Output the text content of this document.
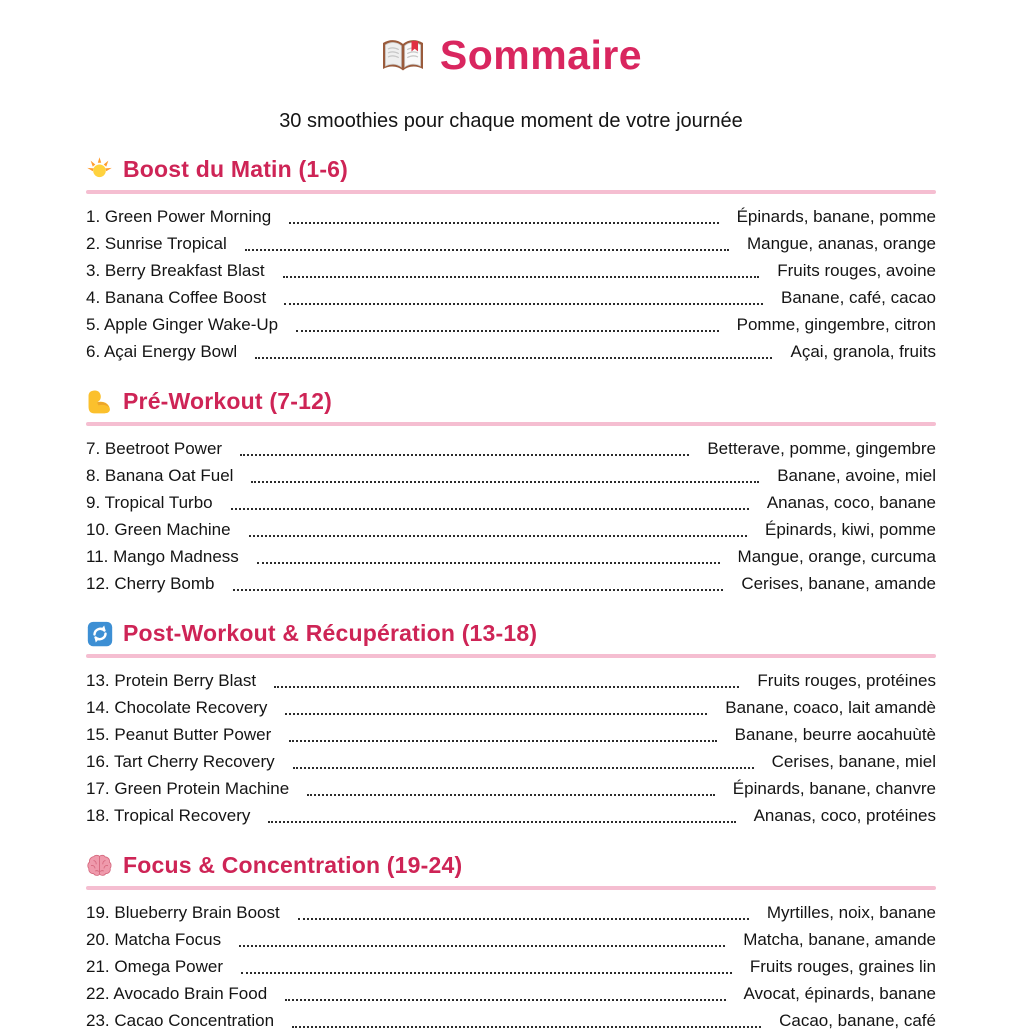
Sommaire
30 smoothies pour chaque moment de votre journée
Boost du Matin (1-6)
1. Green Power Morning	Épinards, banane, pomme
2. Sunrise Tropical	Mangue, ananas, orange
3. Berry Breakfast Blast	Fruits rouges, avoine
4. Banana Coffee Boost	Banane, café, cacao
5. Apple Ginger Wake-Up	Pomme, gingembre, citron
6. Açai Energy Bowl	Açai, granola, fruits
Pré-Workout (7-12)
7. Beetroot Power	Betterave, pomme, gingembre
8. Banana Oat Fuel	Banane, avoine, miel
9. Tropical Turbo	Ananas, coco, banane
10. Green Machine	Épinards, kiwi, pomme
11. Mango Madness	Mangue, orange, curcuma
12. Cherry Bomb	Cerises, banane, amande
Post-Workout & Récupération (13-18)
13. Protein Berry Blast	Fruits rouges, protéines
14. Chocolate Recovery	Banane, coaco, lait amandè
15. Peanut Butter Power	Banane, beurre aocahuùtè
16. Tart Cherry Recovery	Cerises, banane, miel
17. Green Protein Machine	Épinards, banane, chanvre
18. Tropical Recovery	Ananas, coco, protéines
Focus & Concentration (19-24)
19. Blueberry Brain Boost	Myrtilles, noix, banane
20. Matcha Focus	Matcha, banane, amande
21. Omega Power	Fruits rouges, graines lin
22. Avocado Brain Food	Avocat, épinards, banane
23. Cacao Concentration	Cacao, banane, café
